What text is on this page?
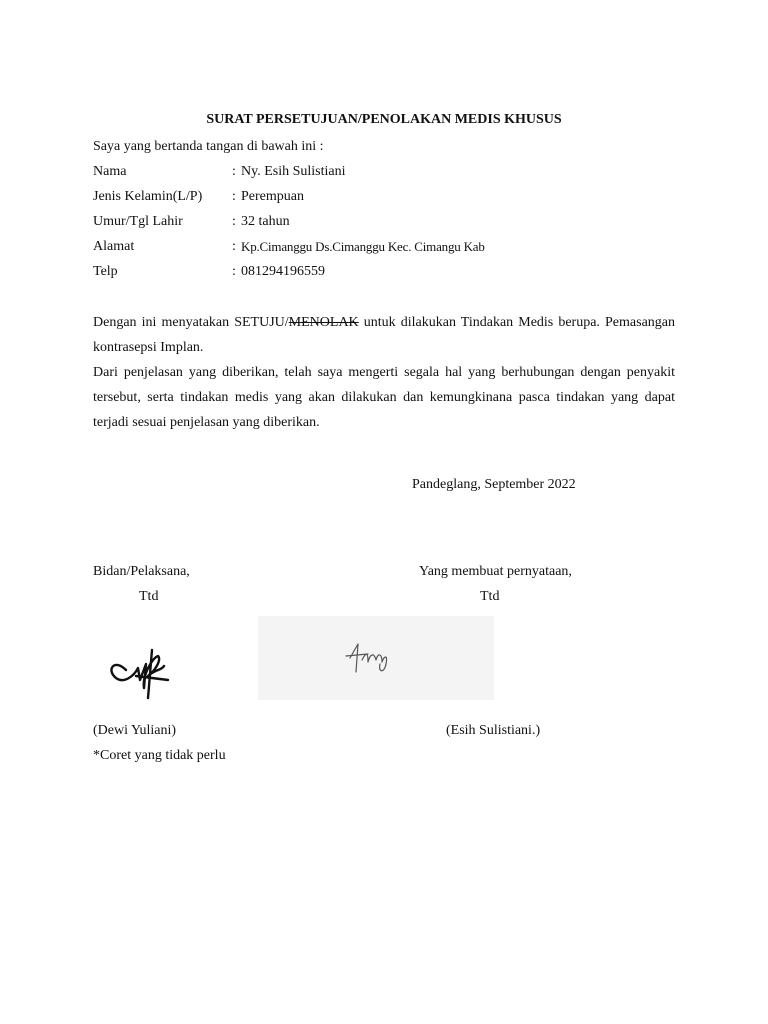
SURAT PERSETUJUAN/PENOLAKAN MEDIS KHUSUS
Saya yang bertanda tangan di bawah ini :
Nama	: Ny. Esih Sulistiani
Jenis Kelamin(L/P) : Perempuan
Umur/Tgl Lahir	: 32 tahun
Alamat	: Kp.Cimanggu Ds.Cimanggu Kec. Cimangu Kab
Telp	: 081294196559
Dengan ini menyatakan SETUJU/MENOLAK untuk dilakukan Tindakan Medis berupa. Pemasangan kontrasepsi Implan.
Dari penjelasan yang diberikan, telah saya mengerti segala hal yang berhubungan dengan penyakit tersebut, serta tindakan medis yang akan dilakukan dan kemungkinana pasca tindakan yang dapat terjadi sesuai penjelasan yang diberikan.
Pandeglang, September 2022
Bidan/Pelaksana,	Yang membuat pernyataan,
Ttd	Ttd
(Dewi Yuliani)	(Esih Sulistiani.)
*Coret yang tidak perlu
